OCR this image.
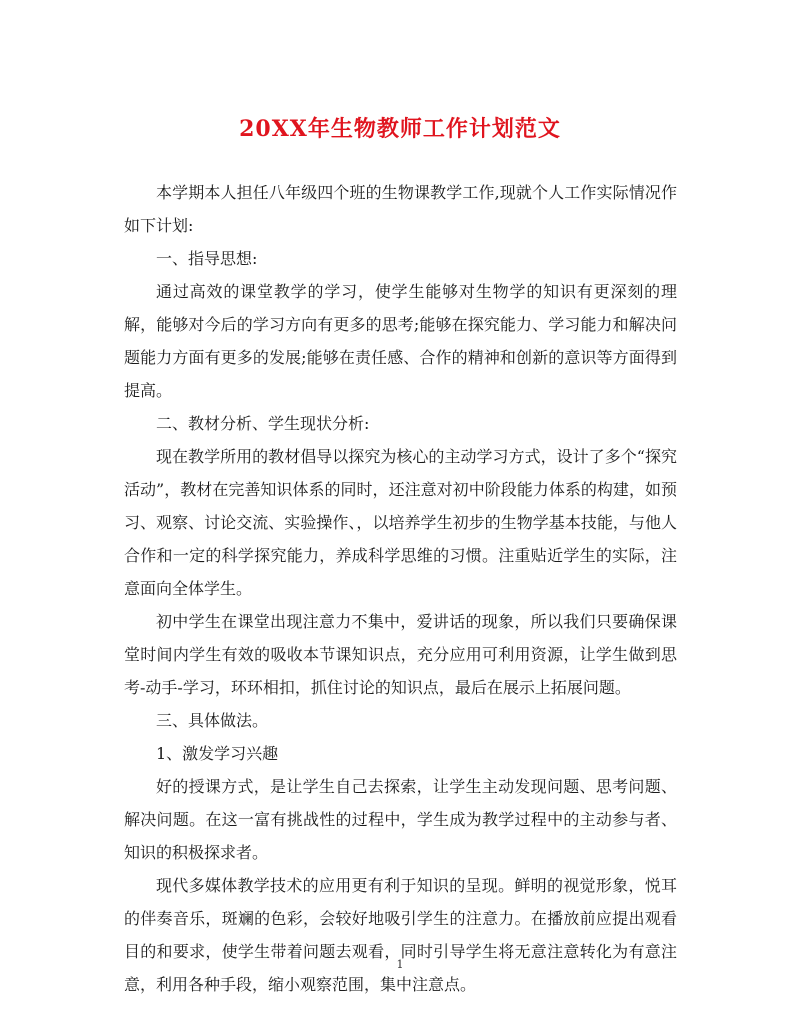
20XX年生物教师工作计划范文

本学期本人担任八年级四个班的生物课教学工作,现就个人工作实际情况作如下计划:

一、指导思想:

通过高效的课堂教学的学习，使学生能够对生物学的知识有更深刻的理解，能够对今后的学习方向有更多的思考;能够在探究能力、学习能力和解决问题能力方面有更多的发展;能够在责任感、合作的精神和创新的意识等方面得到提高。

二、教材分析、学生现状分析:

现在教学所用的教材倡导以探究为核心的主动学习方式，设计了多个“探究活动”，教材在完善知识体系的同时，还注意对初中阶段能力体系的构建，如预习、观察、讨论交流、实验操作、，以培养学生初步的生物学基本技能，与他人合作和一定的科学探究能力，养成科学思维的习惯。注重贴近学生的实际，注意面向全体学生。

初中学生在课堂出现注意力不集中，爱讲话的现象，所以我们只要确保课堂时间内学生有效的吸收本节课知识点，充分应用可利用资源，让学生做到思考-动手-学习，环环相扣，抓住讨论的知识点，最后在展示上拓展问题。

三、具体做法。

1、激发学习兴趣

好的授课方式，是让学生自己去探索，让学生主动发现问题、思考问题、解决问题。在这一富有挑战性的过程中，学生成为教学过程中的主动参与者、知识的积极探求者。

现代多媒体教学技术的应用更有利于知识的呈现。鲜明的视觉形象，悦耳的伴奏音乐，斑斓的色彩，会较好地吸引学生的注意力。在播放前应提出观看目的和要求，使学生带着问题去观看，同时引导学生将无意注意转化为有意注意，利用各种手段，缩小观察范围，集中注意点。

1
